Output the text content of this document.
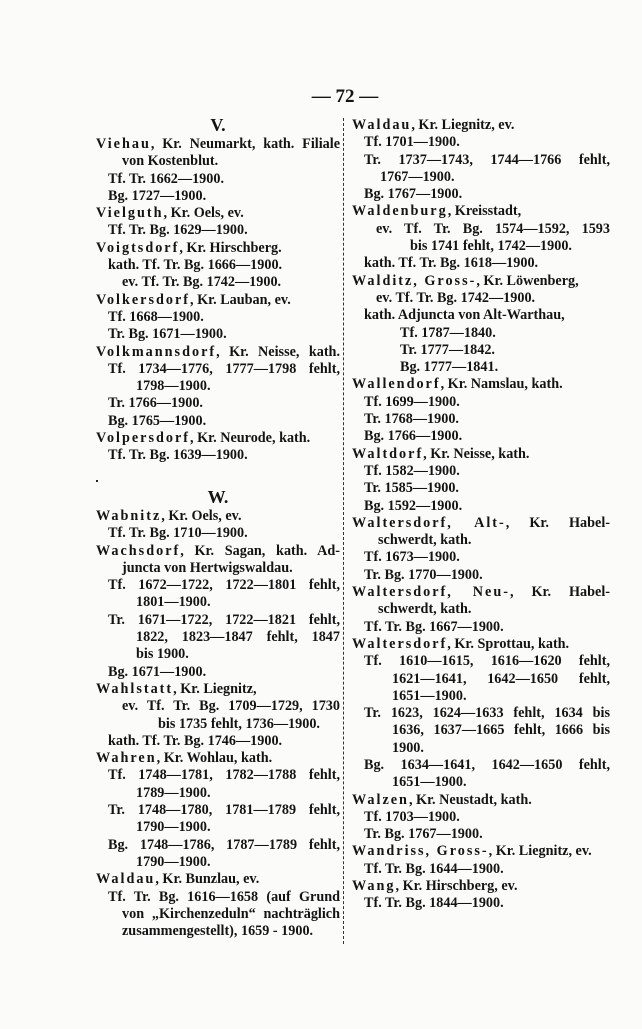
— 72 —
V.
Viehau, Kr. Neumarkt, kath. Filiale
von Kostenblut.
Tf. Tr. 1662—1900.
Bg. 1727—1900.
Vielguth, Kr. Oels, ev.
Tf. Tr. Bg. 1629—1900.
Voigtsdorf, Kr. Hirschberg.
kath. Tf. Tr. Bg. 1666—1900.
ev. Tf. Tr. Bg. 1742—1900.
Volkersdorf, Kr. Lauban, ev.
Tf. 1668—1900.
Tr. Bg. 1671—1900.
Volkmannsdorf, Kr. Neisse, kath.
Tf. 1734—1776, 1777—1798 fehlt,
1798—1900.
Tr. 1766—1900.
Bg. 1765—1900.
Volpersdorf, Kr. Neurode, kath.
Tf. Tr. Bg. 1639—1900.
W.
Wabnitz, Kr. Oels, ev.
Tf. Tr. Bg. 1710—1900.
Wachsdorf, Kr. Sagan, kath. Ad-
juncta von Hertwigswaldau.
Tf. 1672—1722, 1722—1801 fehlt,
1801—1900.
Tr. 1671—1722, 1722—1821 fehlt,
1822, 1823—1847 fehlt, 1847
bis 1900.
Bg. 1671—1900.
Wahlstatt, Kr. Liegnitz,
ev. Tf. Tr. Bg. 1709—1729, 1730
bis 1735 fehlt, 1736—1900.
kath. Tf. Tr. Bg. 1746—1900.
Wahren, Kr. Wohlau, kath.
Tf. 1748—1781, 1782—1788 fehlt,
1789—1900.
Tr. 1748—1780, 1781—1789 fehlt,
1790—1900.
Bg. 1748—1786, 1787—1789 fehlt,
1790—1900.
Waldau, Kr. Bunzlau, ev.
Tf. Tr. Bg. 1616—1658 (auf Grund
von „Kirchenzeduln“ nachträglich
zusammengestellt), 1659 - 1900.
Waldau, Kr. Liegnitz, ev.
Tf. 1701—1900.
Tr. 1737—1743, 1744—1766 fehlt,
1767—1900.
Bg. 1767—1900.
Waldenburg, Kreisstadt,
ev. Tf. Tr. Bg. 1574—1592, 1593
bis 1741 fehlt, 1742—1900.
kath. Tf. Tr. Bg. 1618—1900.
Walditz, Gross-, Kr. Löwenberg,
ev. Tf. Tr. Bg. 1742—1900.
kath. Adjuncta von Alt-Warthau,
Tf. 1787—1840.
Tr. 1777—1842.
Bg. 1777—1841.
Wallendorf, Kr. Namslau, kath.
Tf. 1699—1900.
Tr. 1768—1900.
Bg. 1766—1900.
Waltdorf, Kr. Neisse, kath.
Tf. 1582—1900.
Tr. 1585—1900.
Bg. 1592—1900.
Waltersdorf, Alt-, Kr. Habel-
schwerdt, kath.
Tf. 1673—1900.
Tr. Bg. 1770—1900.
Waltersdorf, Neu-, Kr. Habel-
schwerdt, kath.
Tf. Tr. Bg. 1667—1900.
Waltersdorf, Kr. Sprottau, kath.
Tf. 1610—1615, 1616—1620 fehlt,
1621—1641, 1642—1650 fehlt,
1651—1900.
Tr. 1623, 1624—1633 fehlt, 1634 bis
1636, 1637—1665 fehlt, 1666 bis
1900.
Bg. 1634—1641, 1642—1650 fehlt,
1651—1900.
Walzen, Kr. Neustadt, kath.
Tf. 1703—1900.
Tr. Bg. 1767—1900.
Wandriss, Gross-, Kr. Liegnitz, ev.
Tf. Tr. Bg. 1644—1900.
Wang, Kr. Hirschberg, ev.
Tf. Tr. Bg. 1844—1900.
